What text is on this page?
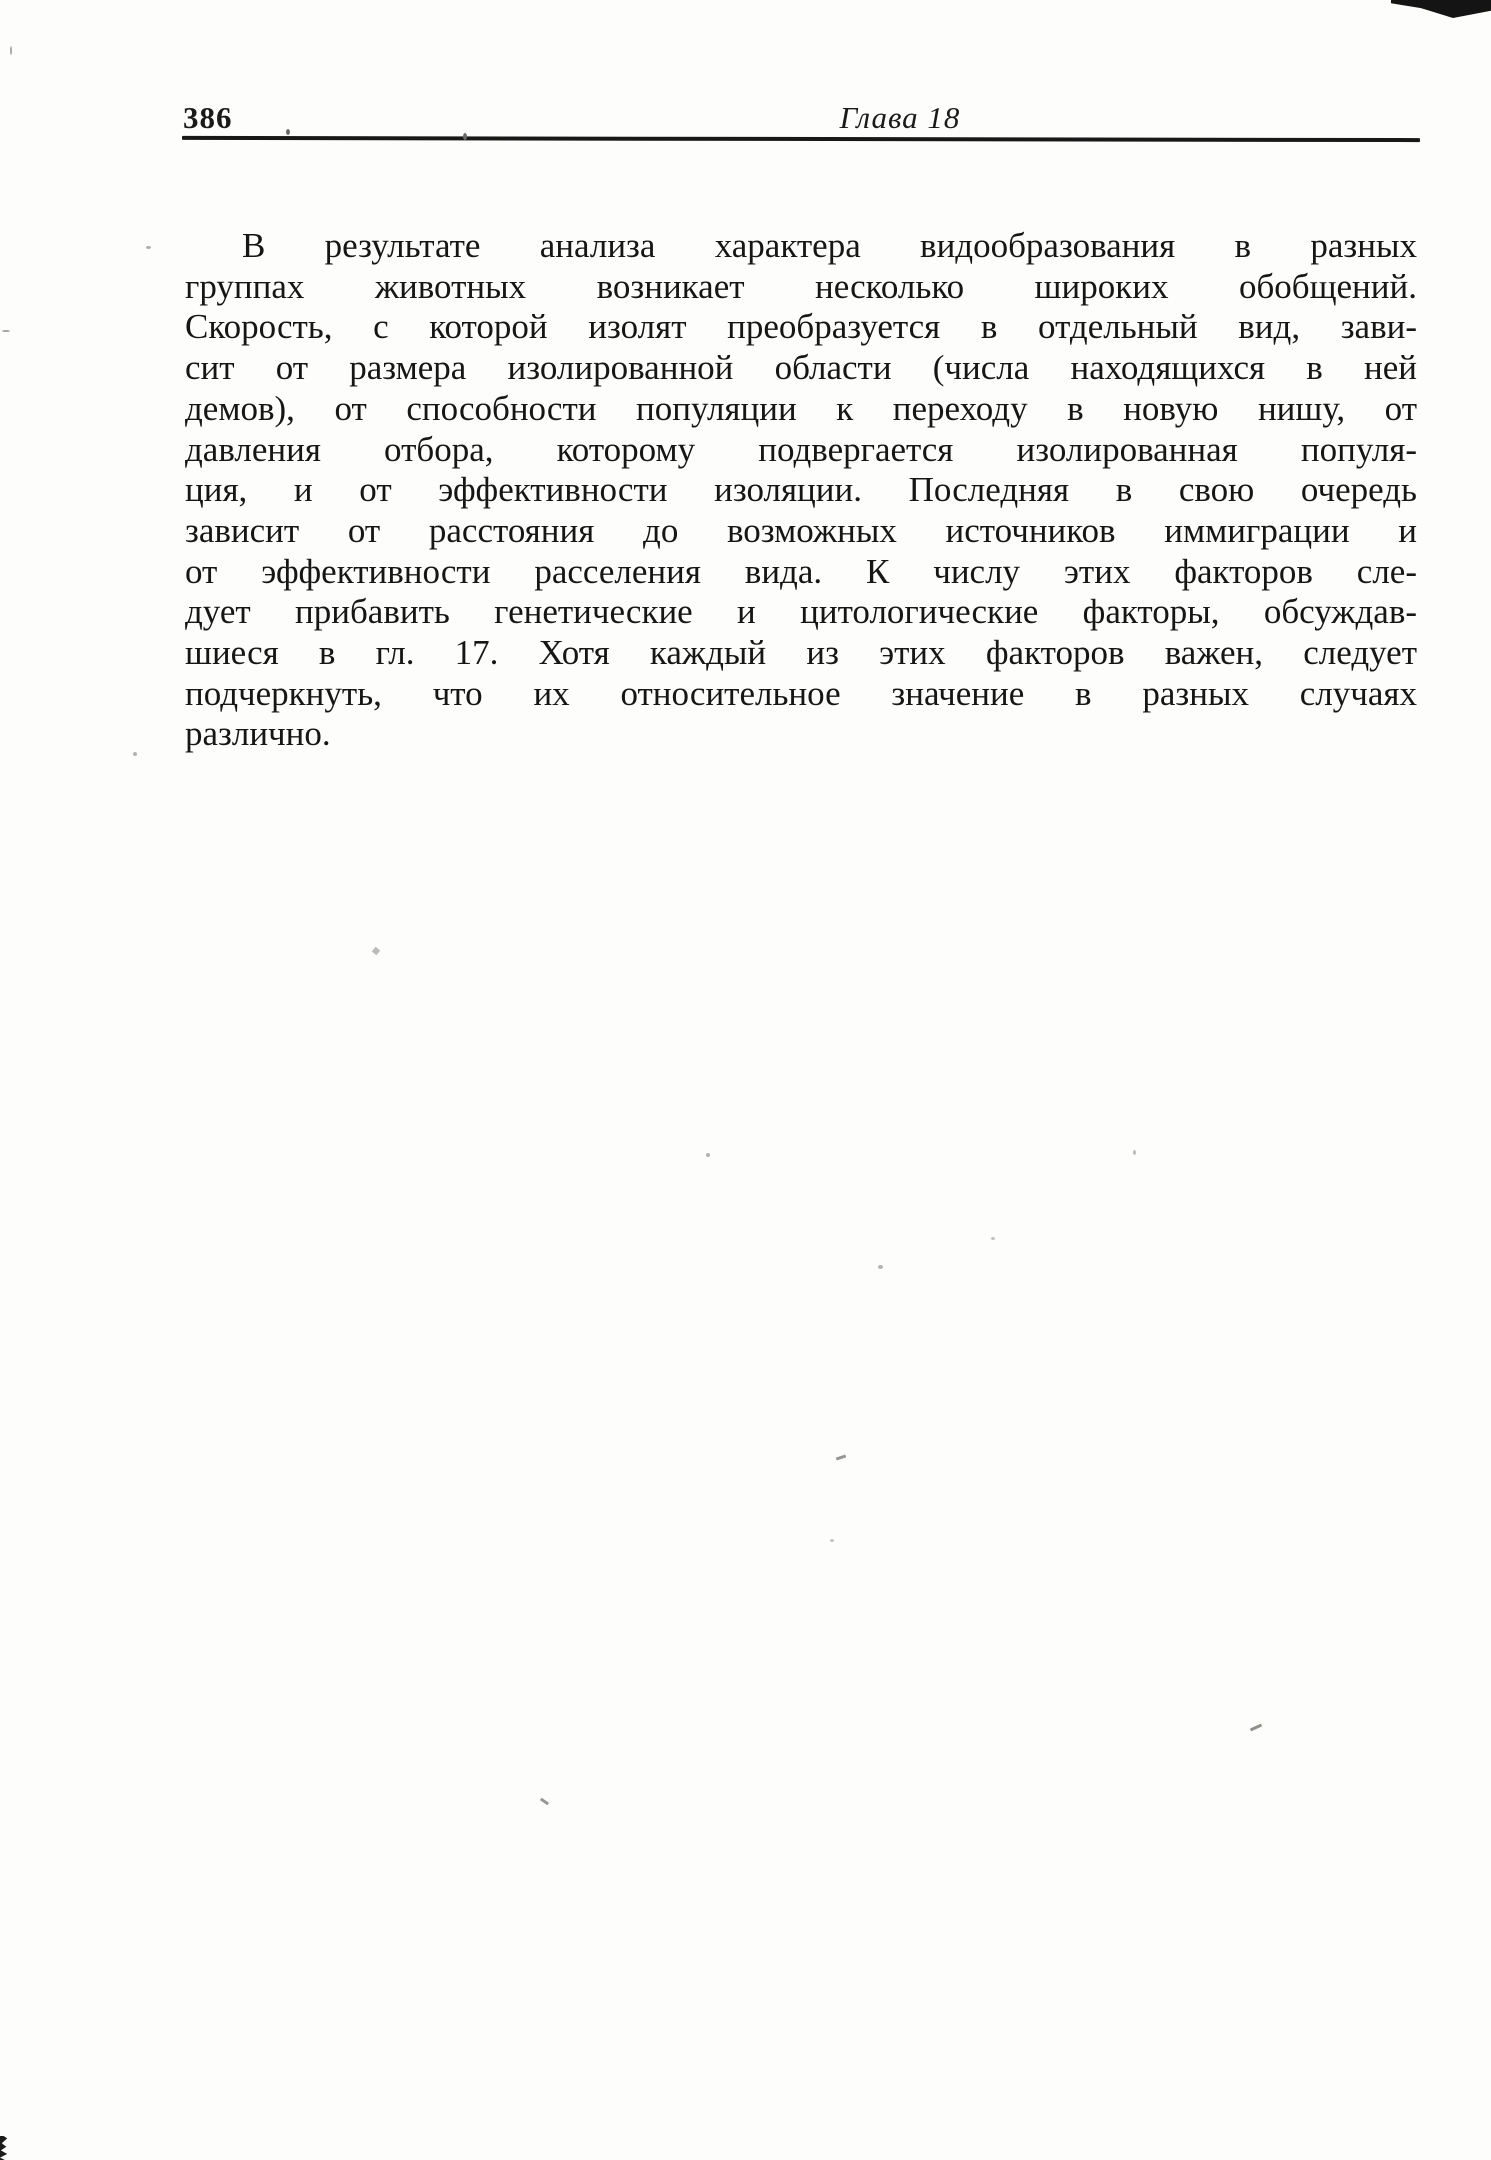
386	Глава 18
В результате анализа характера видообразования в разных
группах животных возникает несколько широких обобщений.
Скорость, с которой изолят преобразуется в отдельный вид, зави-
сит от размера изолированной области (числа находящихся в ней
демов), от способности популяции к переходу в новую нишу, от
давления отбора, которому подвергается изолированная популя-
ция, и от эффективности изоляции. Последняя в свою очередь
зависит от расстояния до возможных источников иммиграции и
от эффективности расселения вида. К числу этих факторов сле-
дует прибавить генетические и цитологические факторы, обсуждав-
шиеся в гл. 17. Хотя каждый из этих факторов важен, следует
подчеркнуть, что их относительное значение в разных случаях
различно.
